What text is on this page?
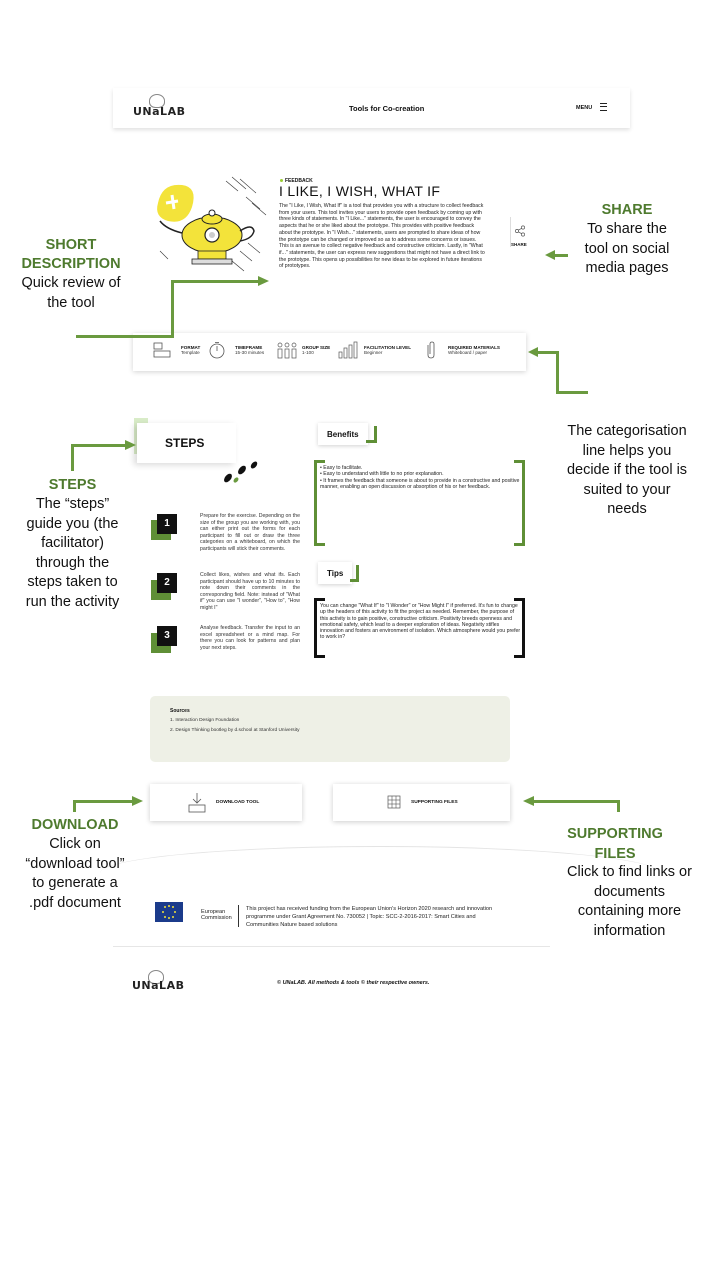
UNaLAB	Tools for Co-creation	MENU
FEEDBACK
I LIKE, I WISH, WHAT IF
The "I Like, I Wish, What If" is a tool that provides you with a structure to collect feedback from your users. This tool invites your users to provide open feedback by coming up with three kinds of statements. In "I Like..." statements, the user is encouraged to convey the aspects that he or she liked about the prototype. This provides with positive feedback about the prototype. In "I Wish..." statements, users are prompted to share ideas of how the prototype can be changed or improved so as to address some concerns or issues. This is an avenue to collect negative feedback and constructive criticism. Lastly, in "What if..." statements, the user can express new suggestions that might not have a direct link to the prototype. This opens up possibilities for new ideas to be explored in future iterations of prototypes.
SHARE
FORMAT
Template
TIMEFRAME
15-30 minutes
GROUP SIZE
1-100
FACILITATION LEVEL
Beginner
REQUIRED MATERIALS
Whiteboard / paper
STEPS
1
Prepare for the exercise. Depending on the size of the group you are working with, you can either print out the forms for each participant to fill out or draw the three categories on a whiteboard, on which the participants will stick their comments.
2
Collect likes, wishes and what ifs. Each participant should have up to 10 minutes to note down their comments in the corresponding field. Note: instead of "What if" you can use "I wonder", "How to", "How might I"
3
Analyse feedback. Transfer the input to an excel spreadsheet or a mind map. For there you can look for patterns and plan your next steps.
Benefits
• Easy to facilitate.
• Easy to understand with little to no prior explanation.
• It frames the feedback that someone is about to provide in a constructive and positive manner, enabling an open discussion or absorption of his or her feedback.
Tips
You can change "What If" to "I Wonder" or "How Might I" if preferred. It's fun to change up the headers of this activity to fit the project as needed. Remember, the purpose of this activity is to gain positive, constructive criticism. Positivity breeds openness and emotional safety, which lead to a deeper exploration of ideas. Negativity stifles innovation and fosters an environment of isolation. Which atmosphere would you prefer to work in?
Sources
1. Interaction Design Foundation
2. Design Thinking bootleg by d.school at Stanford University
DOWNLOAD TOOL	SUPPORTING FILES
European
Commission
This project has received funding from the European Union's Horizon 2020 research and innovation programme under Grant Agreement No. 730052 | Topic: SCC-2-2016-2017: Smart Cities and Communities Nature based solutions
UNaLAB	© UNaLAB. All methods & tools © their respective owners.
SHORT DESCRIPTION
Quick review of
the tool
SHARE
To share the
tool on social
media pages
The categorisation
line helps you
decide if the tool is
suited to your
needs
STEPS
The “steps”
guide you (the
facilitator)
through the
steps taken to
run the activity
DOWNLOAD
Click on
“download tool”
to generate a
.pdf document
SUPPORTING FILES
Click to find links or
documents
containing more
information
